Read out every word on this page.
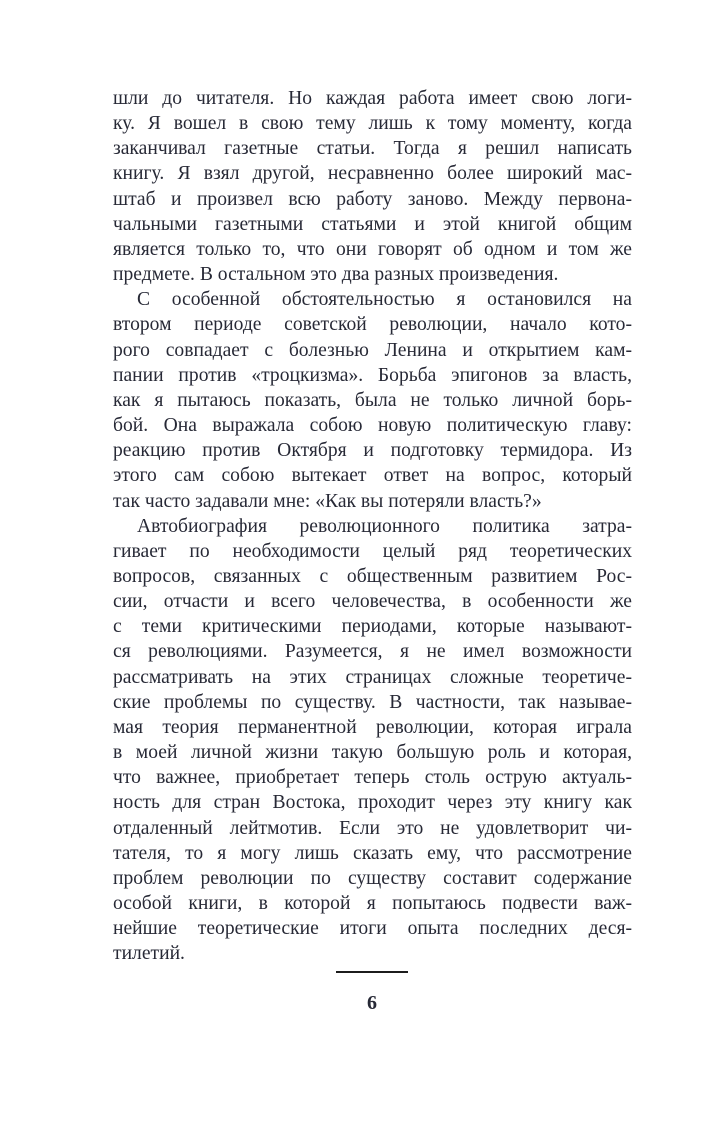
шли до читателя. Но каждая работа имеет свою логи-
ку. Я вошел в свою тему лишь к тому моменту, когда
заканчивал газетные статьи. Тогда я решил написать
книгу. Я взял другой, несравненно более широкий мас-
штаб и произвел всю работу заново. Между первона-
чальными газетными статьями и этой книгой общим
является только то, что они говорят об одном и том же
предмете. В остальном это два разных произведения.
С особенной обстоятельностью я остановился на
втором периоде советской революции, начало кото-
рого совпадает с болезнью Ленина и открытием кам-
пании против «троцкизма». Борьба эпигонов за власть,
как я пытаюсь показать, была не только личной борь-
бой. Она выражала собою новую политическую главу:
реакцию против Октября и подготовку термидора. Из
этого сам собою вытекает ответ на вопрос, который
так часто задавали мне: «Как вы потеряли власть?»
Автобиография революционного политика затра-
гивает по необходимости целый ряд теоретических
вопросов, связанных с общественным развитием Рос-
сии, отчасти и всего человечества, в особенности же
с теми критическими периодами, которые называют-
ся революциями. Разумеется, я не имел возможности
рассматривать на этих страницах сложные теоретиче-
ские проблемы по существу. В частности, так называе-
мая теория перманентной революции, которая играла
в моей личной жизни такую большую роль и которая,
что важнее, приобретает теперь столь острую актуаль-
ность для стран Востока, проходит через эту книгу как
отдаленный лейтмотив. Если это не удовлетворит чи-
тателя, то я могу лишь сказать ему, что рассмотрение
проблем революции по существу составит содержание
особой книги, в которой я попытаюсь подвести важ-
нейшие теоретические итоги опыта последних деся-
тилетий.
6
